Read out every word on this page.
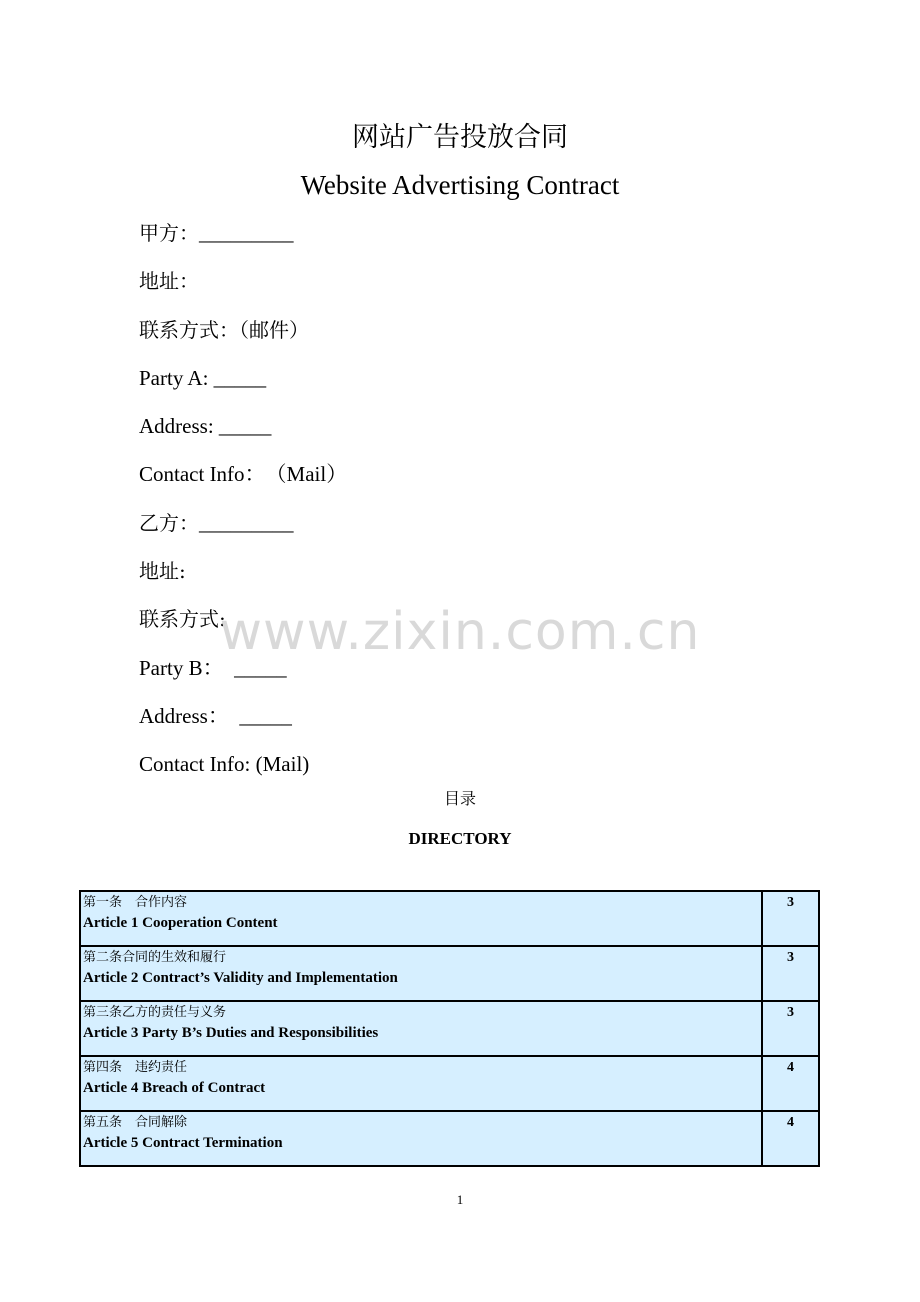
网站广告投放合同
Website Advertising Contract
甲方：_________
地址：
联系方式：（邮件）
Party A: _____
Address: _____
Contact Info：　（Mail）
乙方：_________
地址:
联系方式:
Party B：　_____
Address：　_____
Contact Info: (Mail)
www.zixin.com.cn
目录
DIRECTORY
第一条　合作内容
Article 1 Cooperation Content	3

第二条合同的生效和履行
Article 2 Contract’s Validity and Implementation	3

第三条乙方的责任与义务
Article 3 Party B’s Duties and Responsibilities	3

第四条　违约责任
Article 4 Breach of Contract	4

第五条　合同解除
Article 5 Contract Termination	4
1
